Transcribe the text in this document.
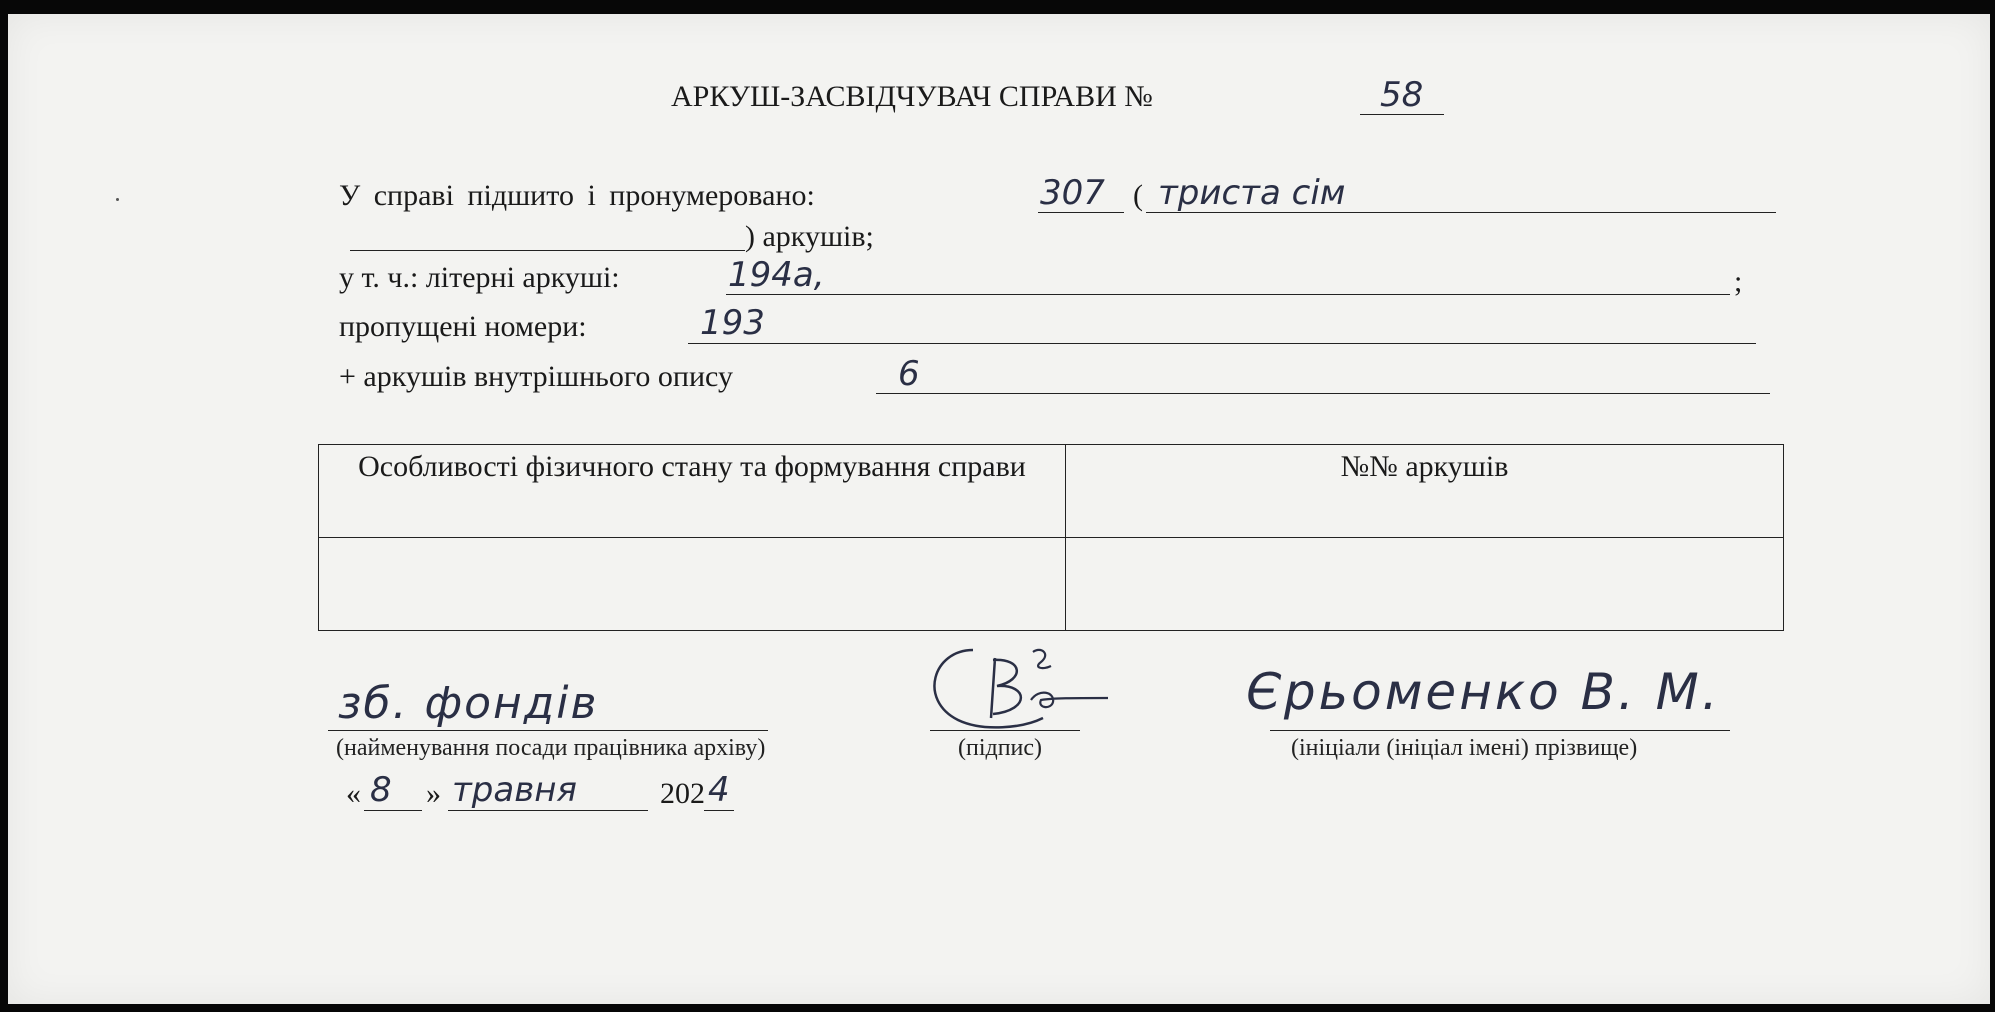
АРКУШ-ЗАСВІДЧУВАЧ СПРАВИ №	58
У справі підшито і пронумеровано:	307 ( триста сім
) аркушів;
у т. ч.: літерні аркуші:	194а,	;
пропущені номери:	193
+ аркушів внутрішнього опису	6
Особливості фізичного стану та формування справи	№№ аркушів

зб. фондів
(найменування посади працівника архіву)	(підпис)
Єрьоменко В. М.
(ініціали (ініціал імені) прізвище)
« 8 » травня	202 4
